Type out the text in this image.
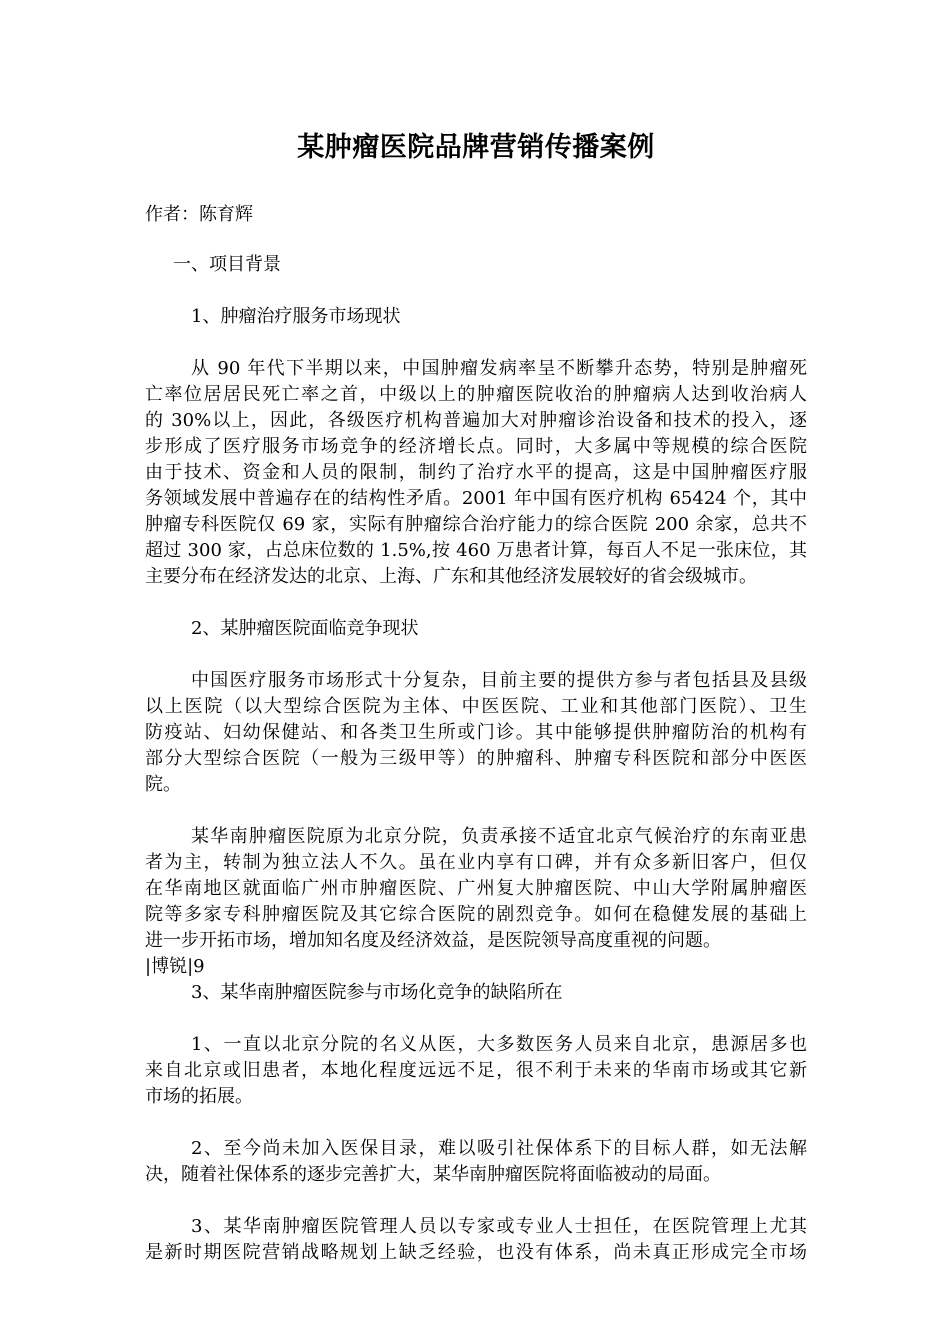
某肿瘤医院品牌营销传播案例

作者：陈育辉

一、项目背景

1、肿瘤治疗服务市场现状

从 90 年代下半期以来，中国肿瘤发病率呈不断攀升态势，特别是肿瘤死

亡率位居居民死亡率之首，中级以上的肿瘤医院收治的肿瘤病人达到收治病人

的 30%以上，因此，各级医疗机构普遍加大对肿瘤诊治设备和技术的投入，逐

步形成了医疗服务市场竞争的经济增长点。同时，大多属中等规模的综合医院

由于技术、资金和人员的限制，制约了治疗水平的提高，这是中国肿瘤医疗服

务领域发展中普遍存在的结构性矛盾。2001 年中国有医疗机构 65424 个，其中

肿瘤专科医院仅 69 家，实际有肿瘤综合治疗能力的综合医院 200 余家，总共不

超过 300 家，占总床位数的 1.5%,按 460 万患者计算，每百人不足一张床位，其

主要分布在经济发达的北京、上海、广东和其他经济发展较好的省会级城市。

2、某肿瘤医院面临竞争现状

中国医疗服务市场形式十分复杂，目前主要的提供方参与者包括县及县级

以上医院（以大型综合医院为主体、中医医院、工业和其他部门医院）、卫生

防疫站、妇幼保健站、和各类卫生所或门诊。其中能够提供肿瘤防治的机构有

部分大型综合医院（一般为三级甲等）的肿瘤科、肿瘤专科医院和部分中医医

院。

某华南肿瘤医院原为北京分院，负责承接不适宜北京气候治疗的东南亚患

者为主，转制为独立法人不久。虽在业内享有口碑，并有众多新旧客户，但仅

在华南地区就面临广州市肿瘤医院、广州复大肿瘤医院、中山大学附属肿瘤医

院等多家专科肿瘤医院及其它综合医院的剧烈竞争。如何在稳健发展的基础上

进一步开拓市场，增加知名度及经济效益，是医院领导高度重视的问题。

|博锐|9

3、某华南肿瘤医院参与市场化竞争的缺陷所在

1、一直以北京分院的名义从医，大多数医务人员来自北京，患源居多也

来自北京或旧患者，本地化程度远远不足，很不利于未来的华南市场或其它新

市场的拓展。

2、至今尚未加入医保目录，难以吸引社保体系下的目标人群，如无法解

决，随着社保体系的逐步完善扩大，某华南肿瘤医院将面临被动的局面。

3、某华南肿瘤医院管理人员以专家或专业人士担任，在医院管理上尤其

是新时期医院营销战略规划上缺乏经验，也没有体系，尚未真正形成完全市场
